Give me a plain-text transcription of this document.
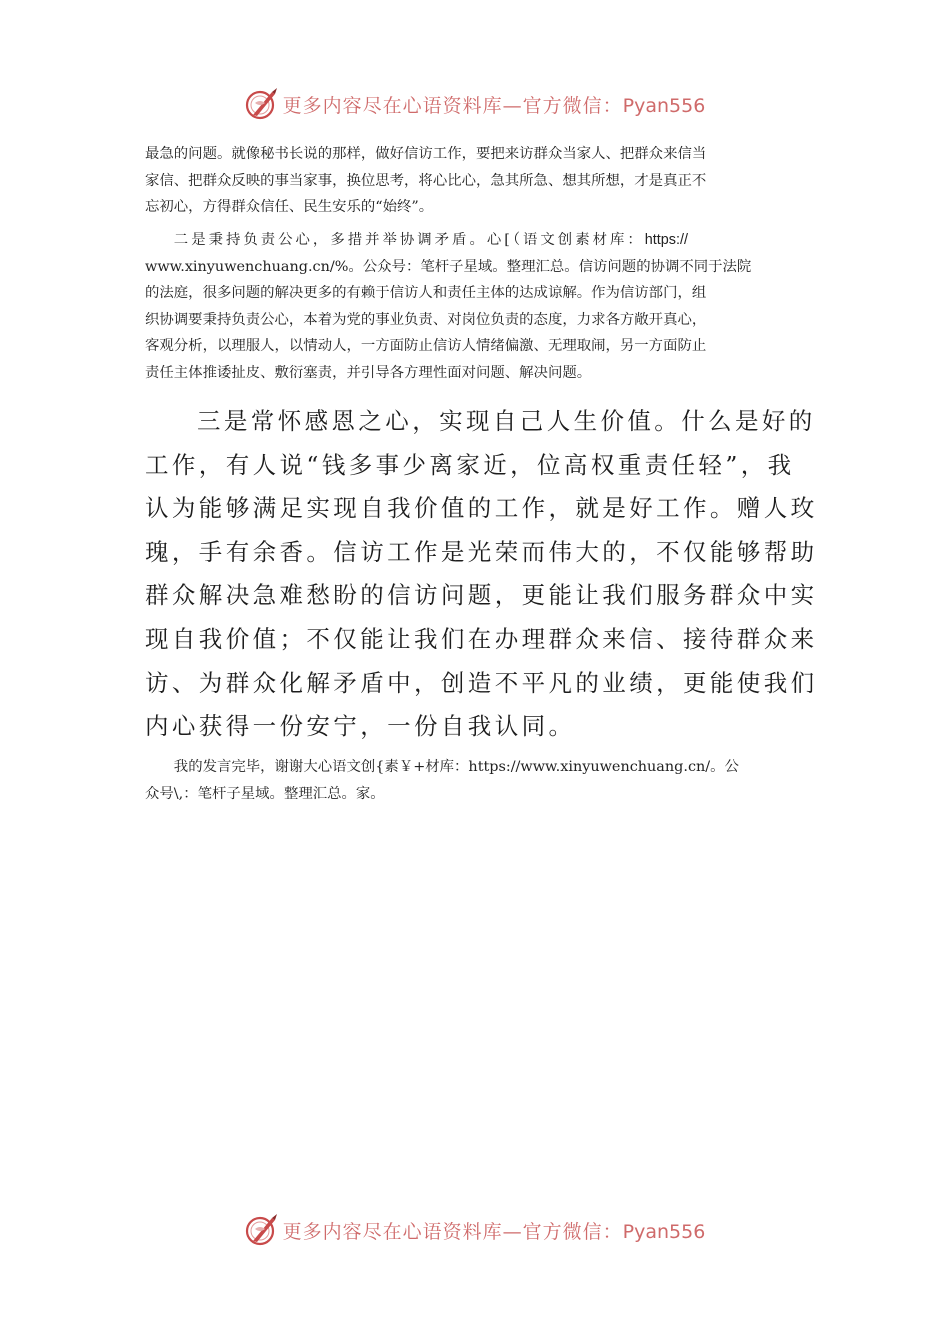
更多内容尽在心语资料库—官方微信：Pyan556

最急的问题。就像秘书长说的那样，做好信访工作，要把来访群众当家人、把群众来信当
家信、把群众反映的事当家事，换位思考，将心比心，急其所急、想其所想，才是真正不
忘初心，方得群众信任、民生安乐的“始终”。

二是秉持负责公心，多措并举协调矛盾。心[（语文创素材库：https://
www.xinyuwenchuang.cn/%。公众号：笔杆子星域。整理汇总。信访问题的协调不同于法院
的法庭，很多问题的解决更多的有赖于信访人和责任主体的达成谅解。作为信访部门，组
织协调要秉持负责公心，本着为党的事业负责、对岗位负责的态度，力求各方敞开真心，
客观分析，以理服人，以情动人，一方面防止信访人情绪偏激、无理取闹，另一方面防止
责任主体推诿扯皮、敷衍塞责，并引导各方理性面对问题、解决问题。

三是常怀感恩之心，实现自己人生价值。什么是好的
工作，有人说“钱多事少离家近，位高权重责任轻”，我
认为能够满足实现自我价值的工作，就是好工作。赠人玫
瑰，手有余香。信访工作是光荣而伟大的，不仅能够帮助
群众解决急难愁盼的信访问题，更能让我们服务群众中实
现自我价值；不仅能让我们在办理群众来信、接待群众来
访、为群众化解矛盾中，创造不平凡的业绩，更能使我们
内心获得一份安宁，一份自我认同。

我的发言完毕，谢谢大心语文创{素￥+材库：https://www.xinyuwenchuang.cn/。公
众号\,：笔杆子星域。整理汇总。家。

更多内容尽在心语资料库—官方微信：Pyan556
